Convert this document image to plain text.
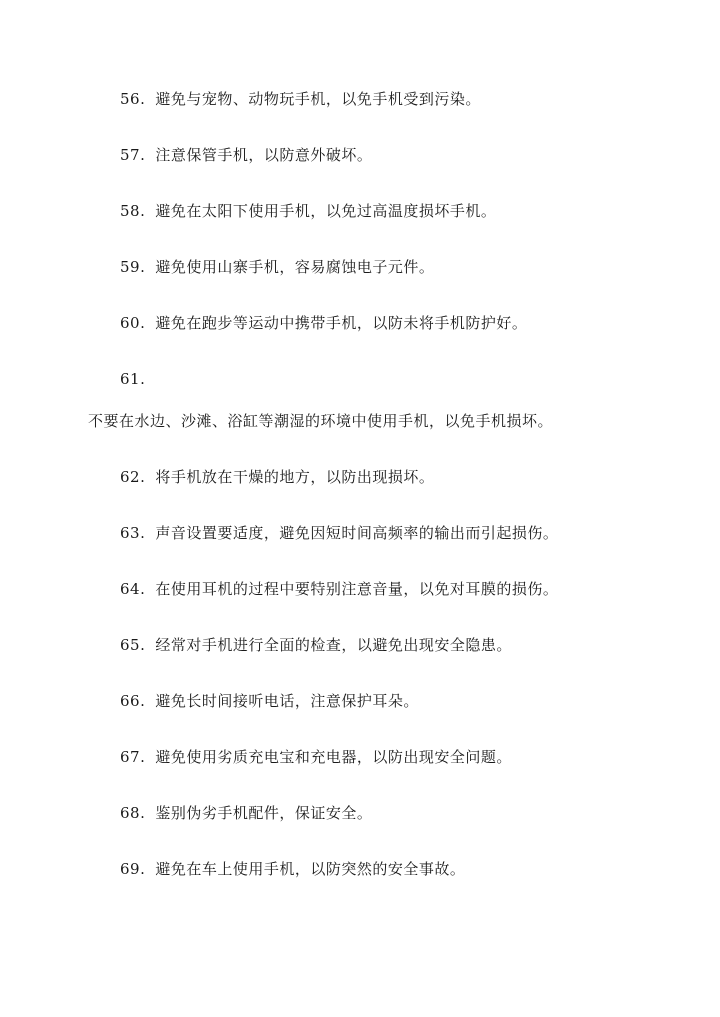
56. 避免与宠物、动物玩手机，以免手机受到污染。
57. 注意保管手机，以防意外破坏。
58. 避免在太阳下使用手机，以免过高温度损坏手机。
59. 避免使用山寨手机，容易腐蚀电子元件。
60. 避免在跑步等运动中携带手机，以防未将手机防护好。
61.
不要在水边、沙滩、浴缸等潮湿的环境中使用手机，以免手机损坏。
62. 将手机放在干燥的地方，以防出现损坏。
63. 声音设置要适度，避免因短时间高频率的输出而引起损伤。
64. 在使用耳机的过程中要特别注意音量，以免对耳膜的损伤。
65. 经常对手机进行全面的检查，以避免出现安全隐患。
66. 避免长时间接听电话，注意保护耳朵。
67. 避免使用劣质充电宝和充电器，以防出现安全问题。
68. 鉴别伪劣手机配件，保证安全。
69. 避免在车上使用手机，以防突然的安全事故。
